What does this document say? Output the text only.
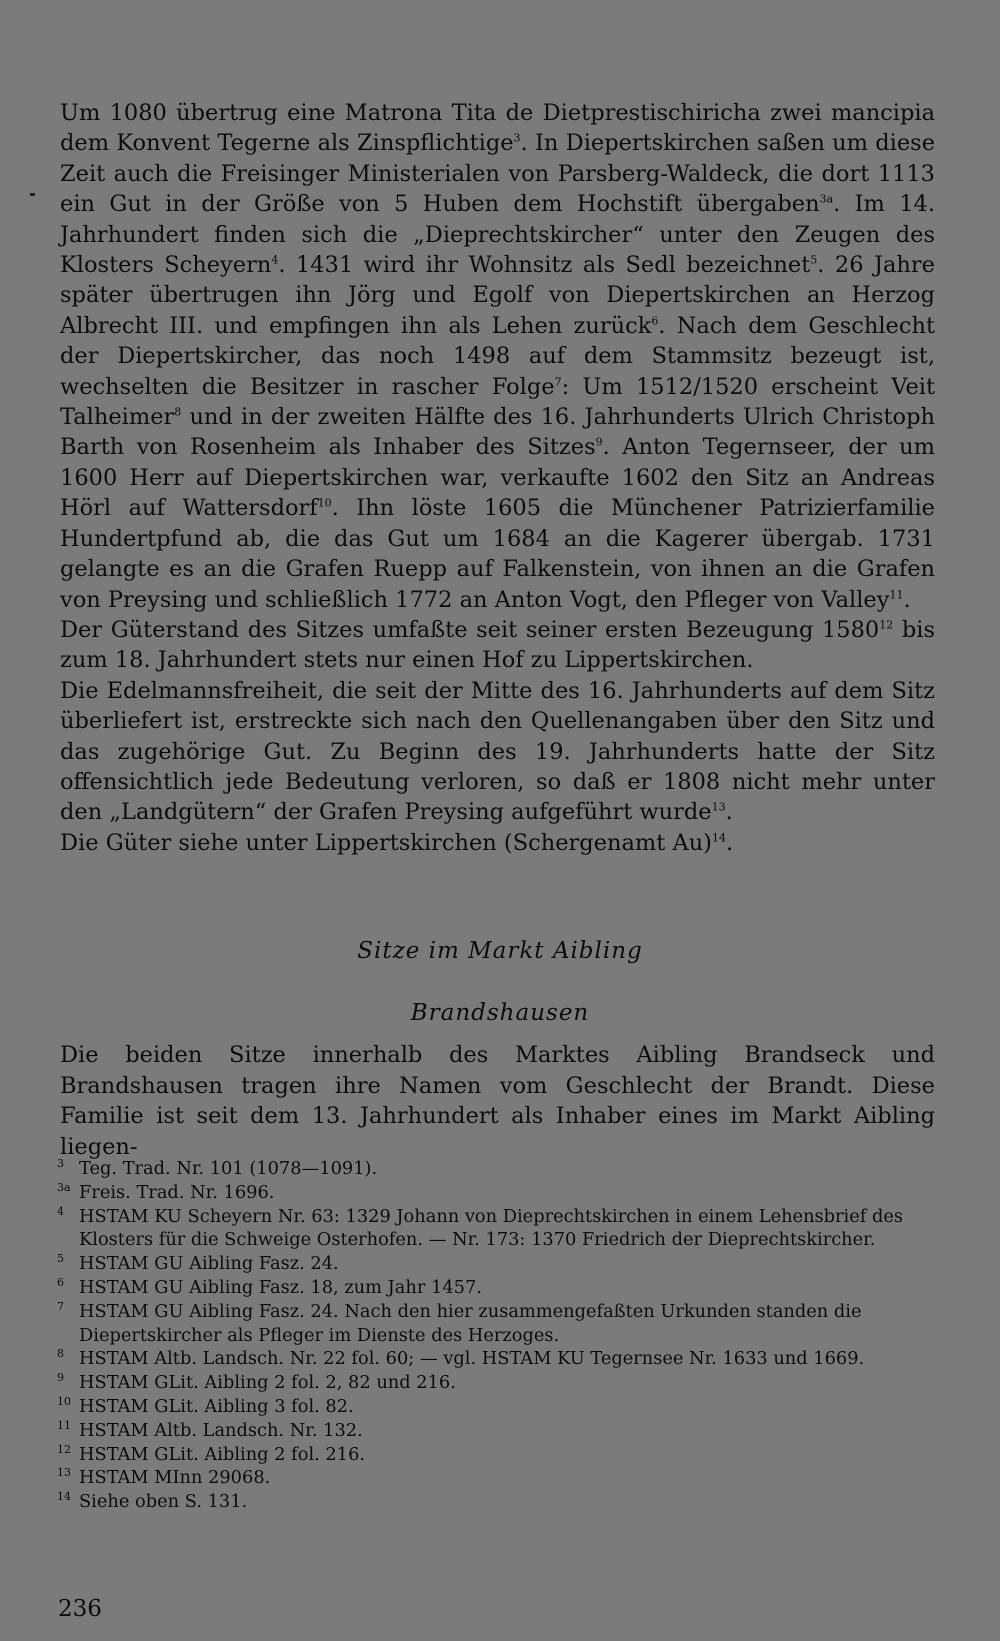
Um 1080 übertrug eine Matrona Tita de Dietprestischiricha zwei mancipia dem Konvent Tegerne als Zinspflichtige$^3$. In Diepertskirchen saßen um diese Zeit auch die Freisinger Ministerialen von Parsberg-Waldeck, die dort 1113 ein Gut in der Größe von 5 Huben dem Hochstift übergaben$^{3a}$. Im 14. Jahrhundert finden sich die „Dieprechtskircher“ unter den Zeugen des Klosters Scheyern$^4$. 1431 wird ihr Wohnsitz als Sedl bezeichnet$^5$. 26 Jahre später übertrugen ihn Jörg und Egolf von Diepertskirchen an Herzog Albrecht III. und empfingen ihn als Lehen zurück$^6$. Nach dem Geschlecht der Diepertskircher, das noch 1498 auf dem Stammsitz bezeugt ist, wechselten die Besitzer in rascher Folge$^7$: Um 1512/1520 erscheint Veit Talheimer$^8$ und in der zweiten Hälfte des 16. Jahrhunderts Ulrich Christoph Barth von Rosenheim als Inhaber des Sitzes$^9$. Anton Tegernseer, der um 1600 Herr auf Diepertskirchen war, verkaufte 1602 den Sitz an Andreas Hörl auf Wattersdorf$^{10}$. Ihn löste 1605 die Münchener Patrizierfamilie Hundertpfund ab, die das Gut um 1684 an die Kagerer übergab. 1731 gelangte es an die Grafen Ruepp auf Falkenstein, von ihnen an die Grafen von Preysing und schließlich 1772 an Anton Vogt, den Pfleger von Valley$^{11}$.

Der Güterstand des Sitzes umfaßte seit seiner ersten Bezeugung 1580$^{12}$ bis zum 18. Jahrhundert stets nur einen Hof zu Lippertskirchen.

Die Edelmannsfreiheit, die seit der Mitte des 16. Jahrhunderts auf dem Sitz überliefert ist, erstreckte sich nach den Quellenangaben über den Sitz und das zugehörige Gut. Zu Beginn des 19. Jahrhunderts hatte der Sitz offensichtlich jede Bedeutung verloren, so daß er 1808 nicht mehr unter den „Landgütern“ der Grafen Preysing aufgeführt wurde$^{13}$.

Die Güter siehe unter Lippertskirchen (Schergenamt Au)$^{14}$.

Sitze im Markt Aibling
Brandshausen
Die beiden Sitze innerhalb des Marktes Aibling Brandseck und Brandshausen tragen ihre Namen vom Geschlecht der Brandt. Diese Familie ist seit dem 13. Jahrhundert als Inhaber eines im Markt Aibling liegen-
3 Teg. Trad. Nr. 101 (1078—1091).
3a Freis. Trad. Nr. 1696.
4 HSTAM KU Scheyern Nr. 63: 1329 Johann von Dieprechtskirchen in einem Lehensbrief des Klosters für die Schweige Osterhofen. — Nr. 173: 1370 Friedrich der Dieprechtskircher.
5 HSTAM GU Aibling Fasz. 24.
6 HSTAM GU Aibling Fasz. 18, zum Jahr 1457.
7 HSTAM GU Aibling Fasz. 24. Nach den hier zusammengefaßten Urkunden standen die Diepertskircher als Pfleger im Dienste des Herzoges.
8 HSTAM Altb. Landsch. Nr. 22 fol. 60; — vgl. HSTAM KU Tegernsee Nr. 1633 und 1669.
9 HSTAM GLit. Aibling 2 fol. 2, 82 und 216.
10 HSTAM GLit. Aibling 3 fol. 82.
11 HSTAM Altb. Landsch. Nr. 132.
12 HSTAM GLit. Aibling 2 fol. 216.
13 HSTAM MInn 29068.
14 Siehe oben S. 131.
236
